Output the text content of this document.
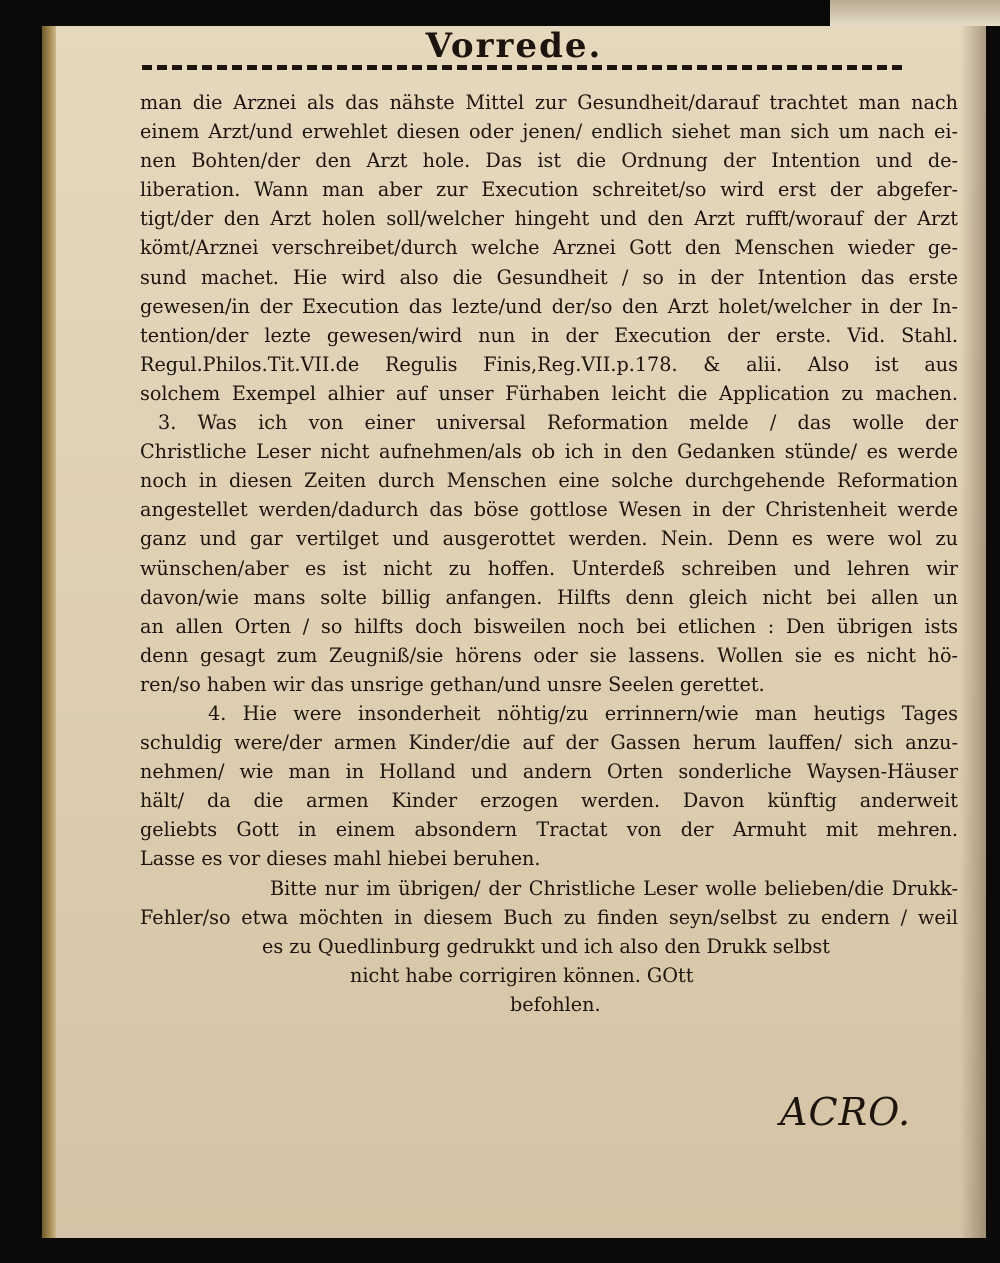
Vorrede.
man die Arznei als das nähste Mittel zur Gesundheit/darauf trachtet man nach
einem Arzt/und erwehlet diesen oder jenen/ endlich siehet man sich um nach ei-
nen Bohten/der den Arzt hole. Das ist die Ordnung der Intention und de-
liberation. Wann man aber zur Execution schreitet/so wird erst der abgefer-
tigt/der den Arzt holen soll/welcher hingeht und den Arzt rufft/worauf der Arzt
kömt/Arznei verschreibet/durch welche Arznei Gott den Menschen wieder ge-
sund machet. Hie wird also die Gesundheit / so in der Intention das erste
gewesen/in der Execution das lezte/und der/so den Arzt holet/welcher in der In-
tention/der lezte gewesen/wird nun in der Execution der erste. Vid. Stahl.
Regul.Philos.Tit.VII.de Regulis Finis,Reg.VII.p.178. & alii. Also ist aus
solchem Exempel alhier auf unser Fürhaben leicht die Application zu machen.
3. Was ich von einer universal Reformation melde / das wolle der
Christliche Leser nicht aufnehmen/als ob ich in den Gedanken stünde/ es werde
noch in diesen Zeiten durch Menschen eine solche durchgehende Reformation
angestellet werden/dadurch das böse gottlose Wesen in der Christenheit werde
ganz und gar vertilget und ausgerottet werden. Nein. Denn es were wol zu
wünschen/aber es ist nicht zu hoffen. Unterdeß schreiben und lehren wir
davon/wie mans solte billig anfangen. Hilfts denn gleich nicht bei allen un
an allen Orten / so hilfts doch bisweilen noch bei etlichen : Den übrigen ists
denn gesagt zum Zeugniß/sie hörens oder sie lassens. Wollen sie es nicht hö-
ren/so haben wir das unsrige gethan/und unsre Seelen gerettet.
4. Hie were insonderheit nöhtig/zu errinnern/wie man heutigs Tages
schuldig were/der armen Kinder/die auf der Gassen herum lauffen/ sich anzu-
nehmen/ wie man in Holland und andern Orten sonderliche Waysen-Häuser
hält/ da die armen Kinder erzogen werden. Davon künftig anderweit
geliebts Gott in einem absondern Tractat von der Armuht mit mehren.
Lasse es vor dieses mahl hiebei beruhen.
Bitte nur im übrigen/ der Christliche Leser wolle belieben/die Drukk-
Fehler/so etwa möchten in diesem Buch zu finden seyn/selbst zu endern / weil
es zu Quedlinburg gedrukkt und ich also den Drukk selbst
nicht habe corrigiren können. GOtt
befohlen.
ACRO.
